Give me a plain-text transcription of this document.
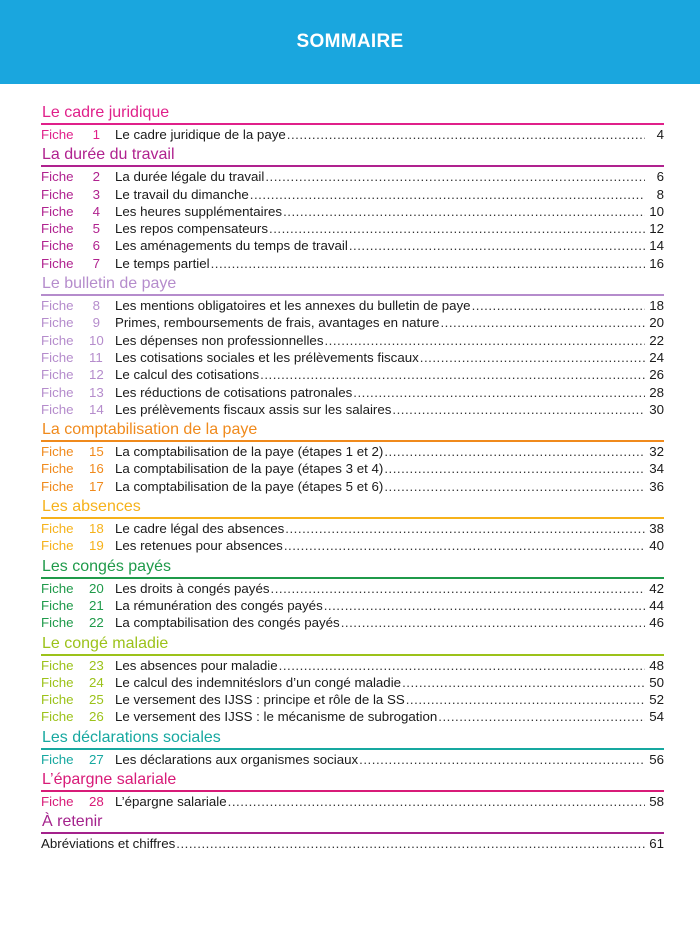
SOMMAIRE
Le cadre juridique
Fiche	1 Le cadre juridique de la paye .....	4
La durée du travail
Fiche	2 La durée légale du travail .....	6
Fiche	3 Le travail du dimanche .....	8
Fiche	4 Les heures supplémentaires .....	10
Fiche	5 Les repos compensateurs .....	12
Fiche	6 Les aménagements du temps de travail .....	14
Fiche	7 Le temps partiel .....	16
Le bulletin de paye
Fiche	8 Les mentions obligatoires et les annexes du bulletin de paye .....	18
Fiche	9 Primes, remboursements de frais, avantages en nature .....	20
Fiche	10 Les dépenses non professionnelles .....	22
Fiche	11 Les cotisations sociales et les prélèvements fiscaux .....	24
Fiche	12 Le calcul des cotisations .....	26
Fiche	13 Les réductions de cotisations patronales .....	28
Fiche	14 Les prélèvements fiscaux assis sur les salaires .....	30
La comptabilisation de la paye
Fiche	15 La comptabilisation de la paye (étapes 1 et 2) .....	32
Fiche	16 La comptabilisation de la paye (étapes 3 et 4) .....	34
Fiche	17 La comptabilisation de la paye (étapes 5 et 6) .....	36
Les absences
Fiche	18 Le cadre légal des absences .....	38
Fiche	19 Les retenues pour absences .....	40
Les congés payés
Fiche	20 Les droits à congés payés .....	42
Fiche	21 La rémunération des congés payés .....	44
Fiche	22 La comptabilisation des congés payés .....	46
Le congé maladie
Fiche	23 Les absences pour maladie .....	48
Fiche	24 Le calcul des indemnitéslors d’un congé maladie .....	50
Fiche	25 Le versement des IJSS : principe et rôle de la SS .....	52
Fiche	26 Le versement des IJSS : le mécanisme de subrogation .....	54
Les déclarations sociales
Fiche	27 Les déclarations aux organismes sociaux .....	56
L’épargne salariale
Fiche	28 L’épargne salariale .....	58
À retenir
Abréviations et chiffres .....	61
